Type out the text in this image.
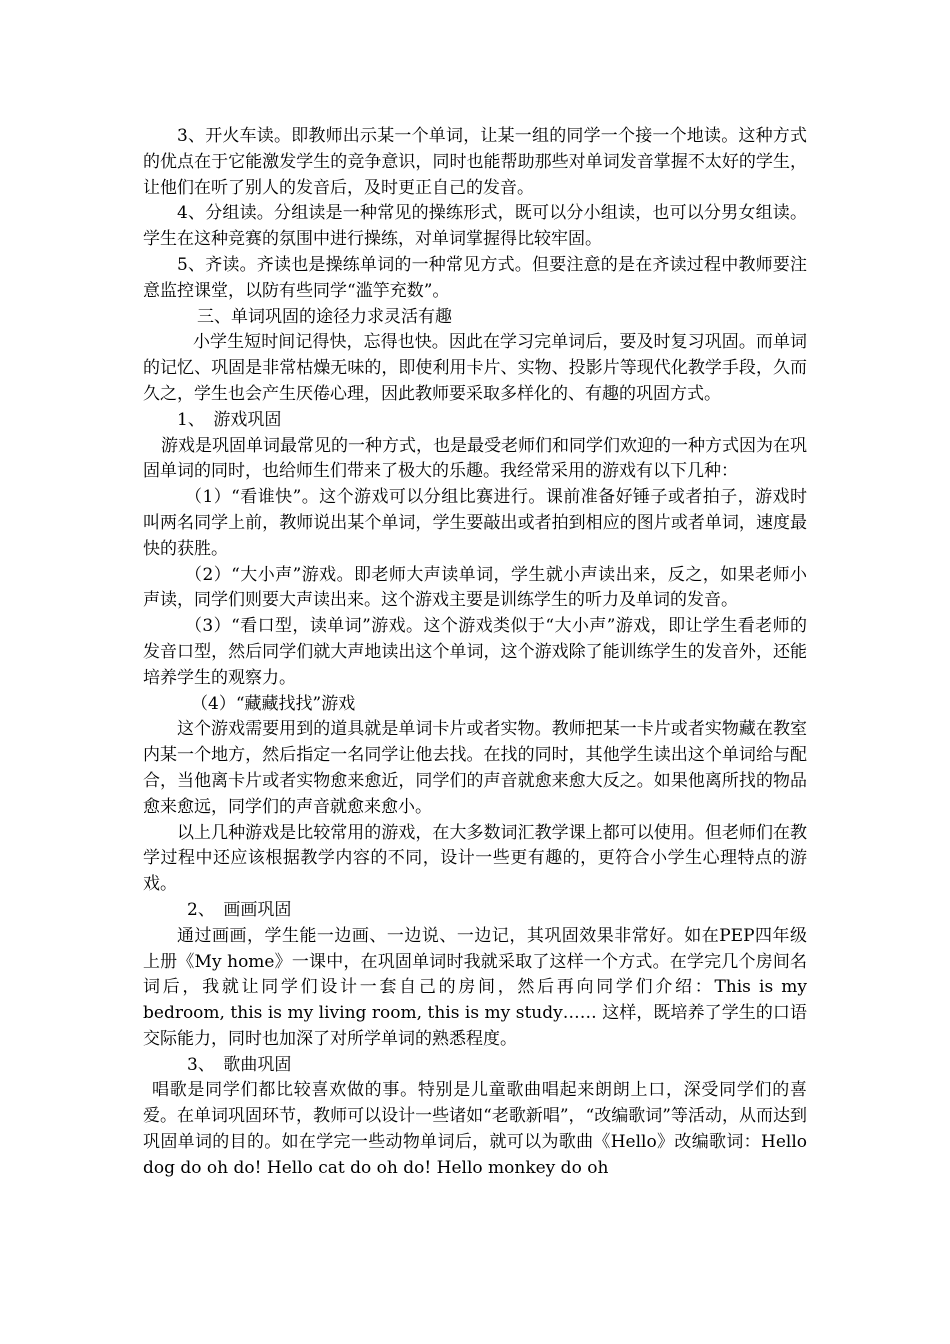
3、开火车读。即教师出示某一个单词，让某一组的同学一个接一个地读。这种方式的优点在于它能激发学生的竞争意识，同时也能帮助那些对单词发音掌握不太好的学生，让他们在听了别人的发音后，及时更正自己的发音。

4、分组读。分组读是一种常见的操练形式，既可以分小组读，也可以分男女组读。学生在这种竞赛的氛围中进行操练，对单词掌握得比较牢固。

5、齐读。齐读也是操练单词的一种常见方式。但要注意的是在齐读过程中教师要注意监控课堂，以防有些同学“滥竽充数”。

三、单词巩固的途径力求灵活有趣

小学生短时间记得快，忘得也快。因此在学习完单词后，要及时复习巩固。而单词的记忆、巩固是非常枯燥无味的，即使利用卡片、实物、投影片等现代化教学手段，久而久之，学生也会产生厌倦心理，因此教师要采取多样化的、有趣的巩固方式。

1、　游戏巩固

游戏是巩固单词最常见的一种方式，也是最受老师们和同学们欢迎的一种方式因为在巩固单词的同时，也给师生们带来了极大的乐趣。我经常采用的游戏有以下几种：

（1）“看谁快”。这个游戏可以分组比赛进行。课前准备好锤子或者拍子，游戏时叫两名同学上前，教师说出某个单词，学生要敲出或者拍到相应的图片或者单词，速度最快的获胜。

（2）“大小声”游戏。即老师大声读单词，学生就小声读出来，反之，如果老师小声读，同学们则要大声读出来。这个游戏主要是训练学生的听力及单词的发音。

（3）“看口型，读单词”游戏。这个游戏类似于“大小声”游戏，即让学生看老师的发音口型，然后同学们就大声地读出这个单词，这个游戏除了能训练学生的发音外，还能培养学生的观察力。

（4）“藏藏找找”游戏

这个游戏需要用到的道具就是单词卡片或者实物。教师把某一卡片或者实物藏在教室内某一个地方，然后指定一名同学让他去找。在找的同时，其他学生读出这个单词给与配合，当他离卡片或者实物愈来愈近，同学们的声音就愈来愈大反之。如果他离所找的物品愈来愈远，同学们的声音就愈来愈小。

以上几种游戏是比较常用的游戏，在大多数词汇教学课上都可以使用。但老师们在教学过程中还应该根据教学内容的不同，设计一些更有趣的，更符合小学生心理特点的游戏。

2、　画画巩固

通过画画，学生能一边画、一边说、一边记，其巩固效果非常好。如在PEP四年级上册《My home》一课中，在巩固单词时我就采取了这样一个方式。在学完几个房间名词后，我就让同学们设计一套自己的房间，然后再向同学们介绍：This is my bedroom, this is my living room, this is my study…… 这样，既培养了学生的口语交际能力，同时也加深了对所学单词的熟悉程度。

3、　歌曲巩固

唱歌是同学们都比较喜欢做的事。特别是儿童歌曲唱起来朗朗上口，深受同学们的喜爱。在单词巩固环节，教师可以设计一些诸如“老歌新唱”，“改编歌词”等活动，从而达到巩固单词的目的。如在学完一些动物单词后，就可以为歌曲《Hello》改编歌词：Hello dog do oh do! Hello cat do oh do! Hello monkey do oh
